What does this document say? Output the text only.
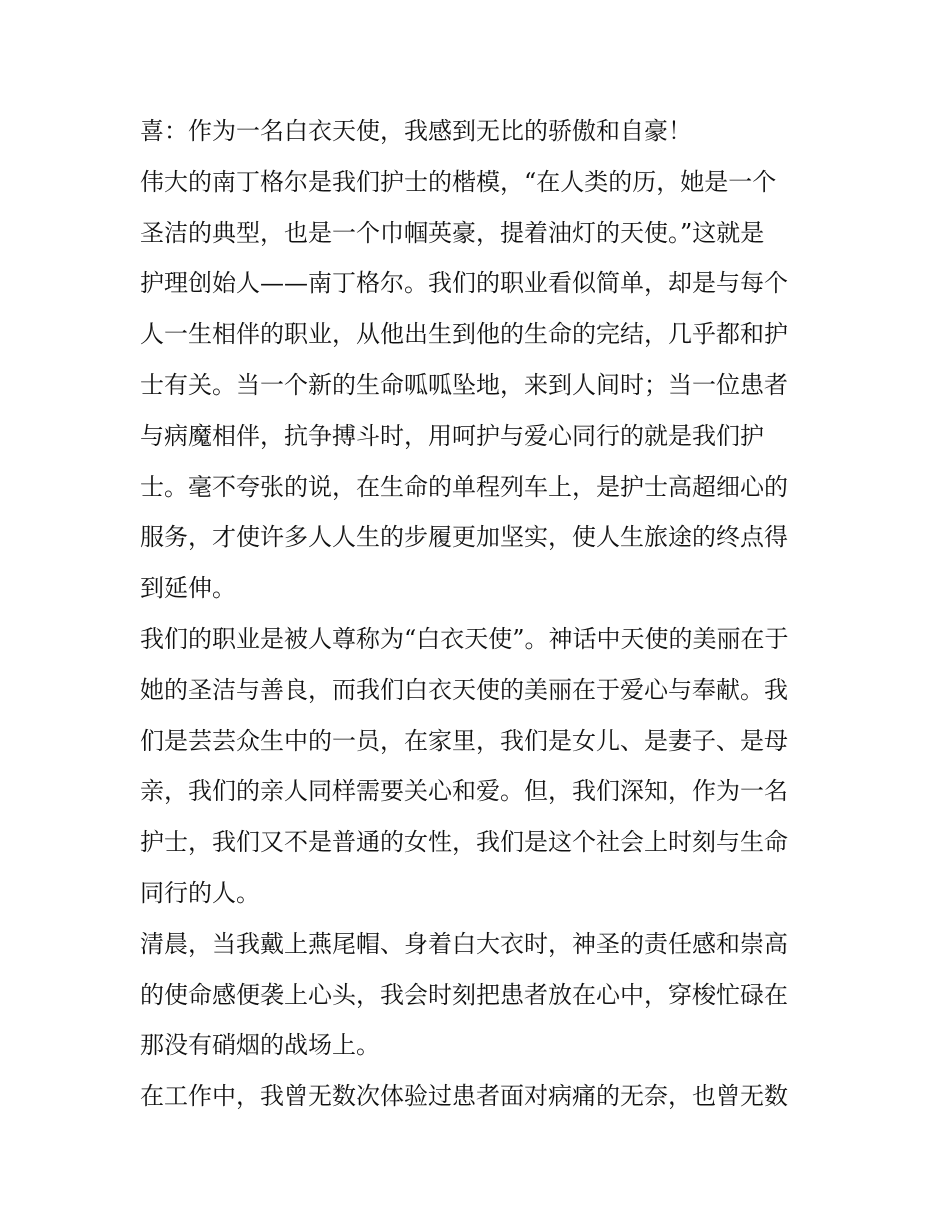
喜：作为一名白衣天使，我感到无比的骄傲和自豪！
伟大的南丁格尔是我们护士的楷模，“在人类的历，她是一个
圣洁的典型，也是一个巾帼英豪，提着油灯的天使。”这就是
护理创始人——南丁格尔。我们的职业看似简单，却是与每个
人一生相伴的职业，从他出生到他的生命的完结，几乎都和护
士有关。当一个新的生命呱呱坠地，来到人间时；当一位患者
与病魔相伴，抗争搏斗时，用呵护与爱心同行的就是我们护
士。毫不夸张的说，在生命的单程列车上，是护士高超细心的
服务，才使许多人人生的步履更加坚实，使人生旅途的终点得
到延伸。
我们的职业是被人尊称为“白衣天使”。神话中天使的美丽在于
她的圣洁与善良，而我们白衣天使的美丽在于爱心与奉献。我
们是芸芸众生中的一员，在家里，我们是女儿、是妻子、是母
亲，我们的亲人同样需要关心和爱。但，我们深知，作为一名
护士，我们又不是普通的女性，我们是这个社会上时刻与生命
同行的人。
清晨，当我戴上燕尾帽、身着白大衣时，神圣的责任感和崇高
的使命感便袭上心头，我会时刻把患者放在心中，穿梭忙碌在
那没有硝烟的战场上。
在工作中，我曾无数次体验过患者面对病痛的无奈，也曾无数
